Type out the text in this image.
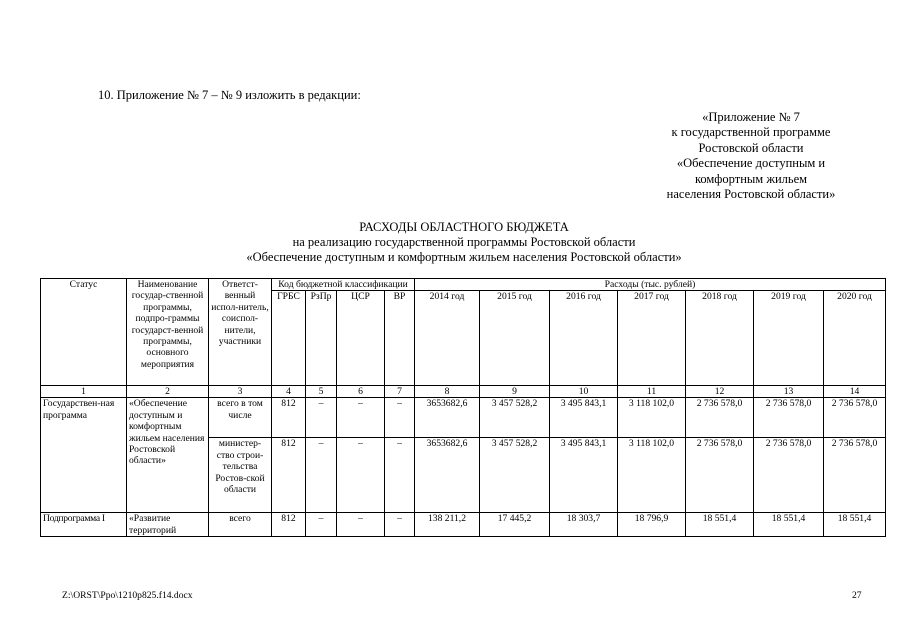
10. Приложение № 7 – № 9 изложить в редакции:
«Приложение № 7
к государственной программе
Ростовской области
«Обеспечение доступным и
комфортным жильем
населения Ростовской области»
РАСХОДЫ ОБЛАСТНОГО БЮДЖЕТА
на реализацию государственной программы Ростовской области
«Обеспечение доступным и комфортным жильем населения Ростовской области»
Статус	Наименование государ-ственной программы, подпро-граммы государст-венной программы, основного мероприятия	Ответст-венный испол-нитель, соиспол-нители, участники	Код бюджетной классификации				Расходы (тыс. рублей)						
			ГРБС	РзПр	ЦСР	ВР	2014 год	2015 год	2016 год	2017 год	2018 год	2019 год	2020 год

1	2	3	4	5	6	7	8	9	10	11	12	13	14
Государствен-ная программа	«Обеспечение доступным и комфортным жильем населения Ростовской области»	всего в том числе	812	–	–	–	3653682,6	3 457 528,2	3 495 843,1	3 118 102,0	2 736 578,0	2 736 578,0	2 736 578,0
		министер-ство строи-тельства Ростов-ской области	812	–	–	–	3653682,6	3 457 528,2	3 495 843,1	3 118 102,0	2 736 578,0	2 736 578,0	2 736 578,0
Подпрограмма I	«Развитие территорий	всего	812	–	–	–	138 211,2	17 445,2	18 303,7	18 796,9	18 551,4	18 551,4	18 551,4
Z:\ORST\Ppo\1210p825.f14.docx	27
